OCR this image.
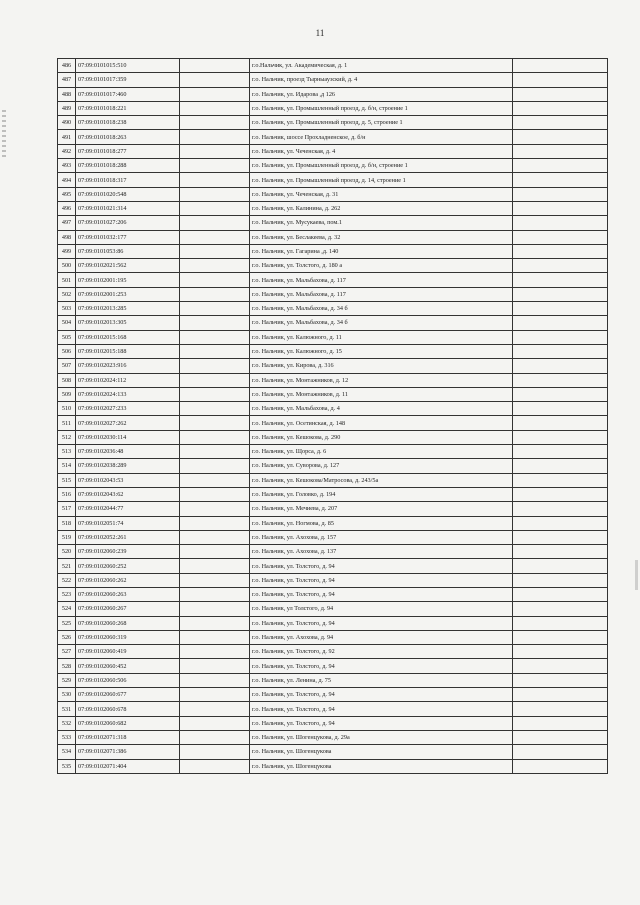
11
486	07:09:0101015:510		г.о.Нальчик, ул. Академическая, д. 1	
487	07:09:0101017:359		г.о. Нальчик, проезд Тырныаузский, д. 4	
488	07:09:0101017:460		г.о. Нальчик, ул. Идарова ,д 126	
489	07:09:0101018:221		г.о. Нальчик, ул. Промышленный проезд, д. б/н, строение 1	
490	07:09:0101018:238		г.о. Нальчик, ул. Промышленный проезд, д. 5, строение 1	
491	07:09:0101018:263		г.о. Нальчик, шоссе Прохладненское, д. б/н	
492	07:09:0101018:277		г.о. Нальчик, ул. Чеченская, д. 4	
493	07:09:0101018:288		г.о. Нальчик, ул. Промышленный проезд, д. б/н, строение 1	
494	07:09:0101018:317		г.о. Нальчик, ул. Промышленный проезд, д. 14, строение 1	
495	07:09:0101020:548		г.о. Нальчик, ул. Чеченская, д. 31	
496	07:09:0101021:314		г.о. Нальчик, ул. Калинина, д. 262	
497	07:09:0101027:206		г.о. Нальчик, ул. Мусукаева, пом.1	
498	07:09:0101032:177		г.о. Нальчик, ул. Беслакеева, д. 32	
499	07:09:0101053:86		г.о. Нальчик, ул. Гагарина ,д. 140	
500	07:09:0102021:562		г.о. Нальчик, ул. Толстого, д. 180 а	
501	07:09:0102001:195		г.о. Нальчик, ул. Мальбахова, д. 117	
502	07:09:0102001:253		г.о. Нальчик, ул. Мальбахова, д. 117	
503	07:09:0102013:285		г.о. Нальчик, ул. Мальбахова, д. 34 б	
504	07:09:0102013:305		г.о. Нальчик, ул. Мальбахова, д. 34 б	
505	07:09:0102015:168		г.о. Нальчик, ул. Калюжного, д. 11	
506	07:09:0102015:188		г.о. Нальчик, ул. Калюжного, д. 15	
507	07:09:0102023:916		г.о. Нальчик, ул. Кирова, д. 316	
508	07:09:0102024:112		г.о. Нальчик, ул. Монтажников, д. 12	
509	07:09:0102024:133		г.о. Нальчик, ул. Монтажников, д. 11	
510	07:09:0102027:233		г.о. Нальчик, ул. Мальбахова, д. 4	
511	07:09:0102027:262		г.о. Нальчик, ул. Осетинская, д. 148	
512	07:09:0102030:114		г.о. Нальчик, ул. Кешокова, д. 290	
513	07:09:0102036:48		г.о. Нальчик, ул. Щорса, д. 6	
514	07:09:0102038:289		г.о. Нальчик, ул. Суворова, д. 127	
515	07:09:0102043:53		г.о. Нальчик, ул. Кешокова/Матросова, д. 243/5а	
516	07:09:0102043:62		г.о. Нальчик, ул. Головко, д. 194	
517	07:09:0102044:77		г.о. Нальчик, ул. Мечиева, д. 207	
518	07:09:0102051:74		г.о. Нальчик, ул. Ногмова, д. 85	
519	07:09:0102052:261		г.о. Нальчик, ул. Ахохова, д. 157	
520	07:09:0102060:239		г.о. Нальчик, ул. Ахохова, д. 137	
521	07:09:0102060:252		г.о. Нальчик, ул. Толстого, д. 94	
522	07:09:0102060:262		г.о. Нальчик, ул. Толстого, д. 94	
523	07:09:0102060:263		г.о. Нальчик, ул. Толстого, д. 94	
524	07:09:0102060:267		г.о. Нальчик, ул Толстого, д. 94	
525	07:09:0102060:268		г.о. Нальчик, ул. Толстого, д. 94	
526	07:09:0102060:319		г.о. Нальчик, ул. Ахохова, д. 94	
527	07:09:0102060:419		г.о. Нальчик, ул. Толстого, д. 92	
528	07:09:0102060:452		г.о. Нальчик, ул. Толстого, д. 94	
529	07:09:0102060:506		г.о. Нальчик, ул. Ленина, д. 75	
530	07:09:0102060:677		г.о. Нальчик, ул. Толстого, д. 94	
531	07:09:0102060:678		г.о. Нальчик, ул. Толстого, д. 94	
532	07:09:0102060:682		г.о. Нальчик, ул. Толстого, д. 94	
533	07:09:0102071:318		г.о. Нальчик, ул. Шогенцукова, д. 29а	
534	07:09:0102071:386		г.о. Нальчик, ул. Шогенцукова	
535	07:09:0102071:404		г.о. Нальчик, ул. Шогенцукова	
